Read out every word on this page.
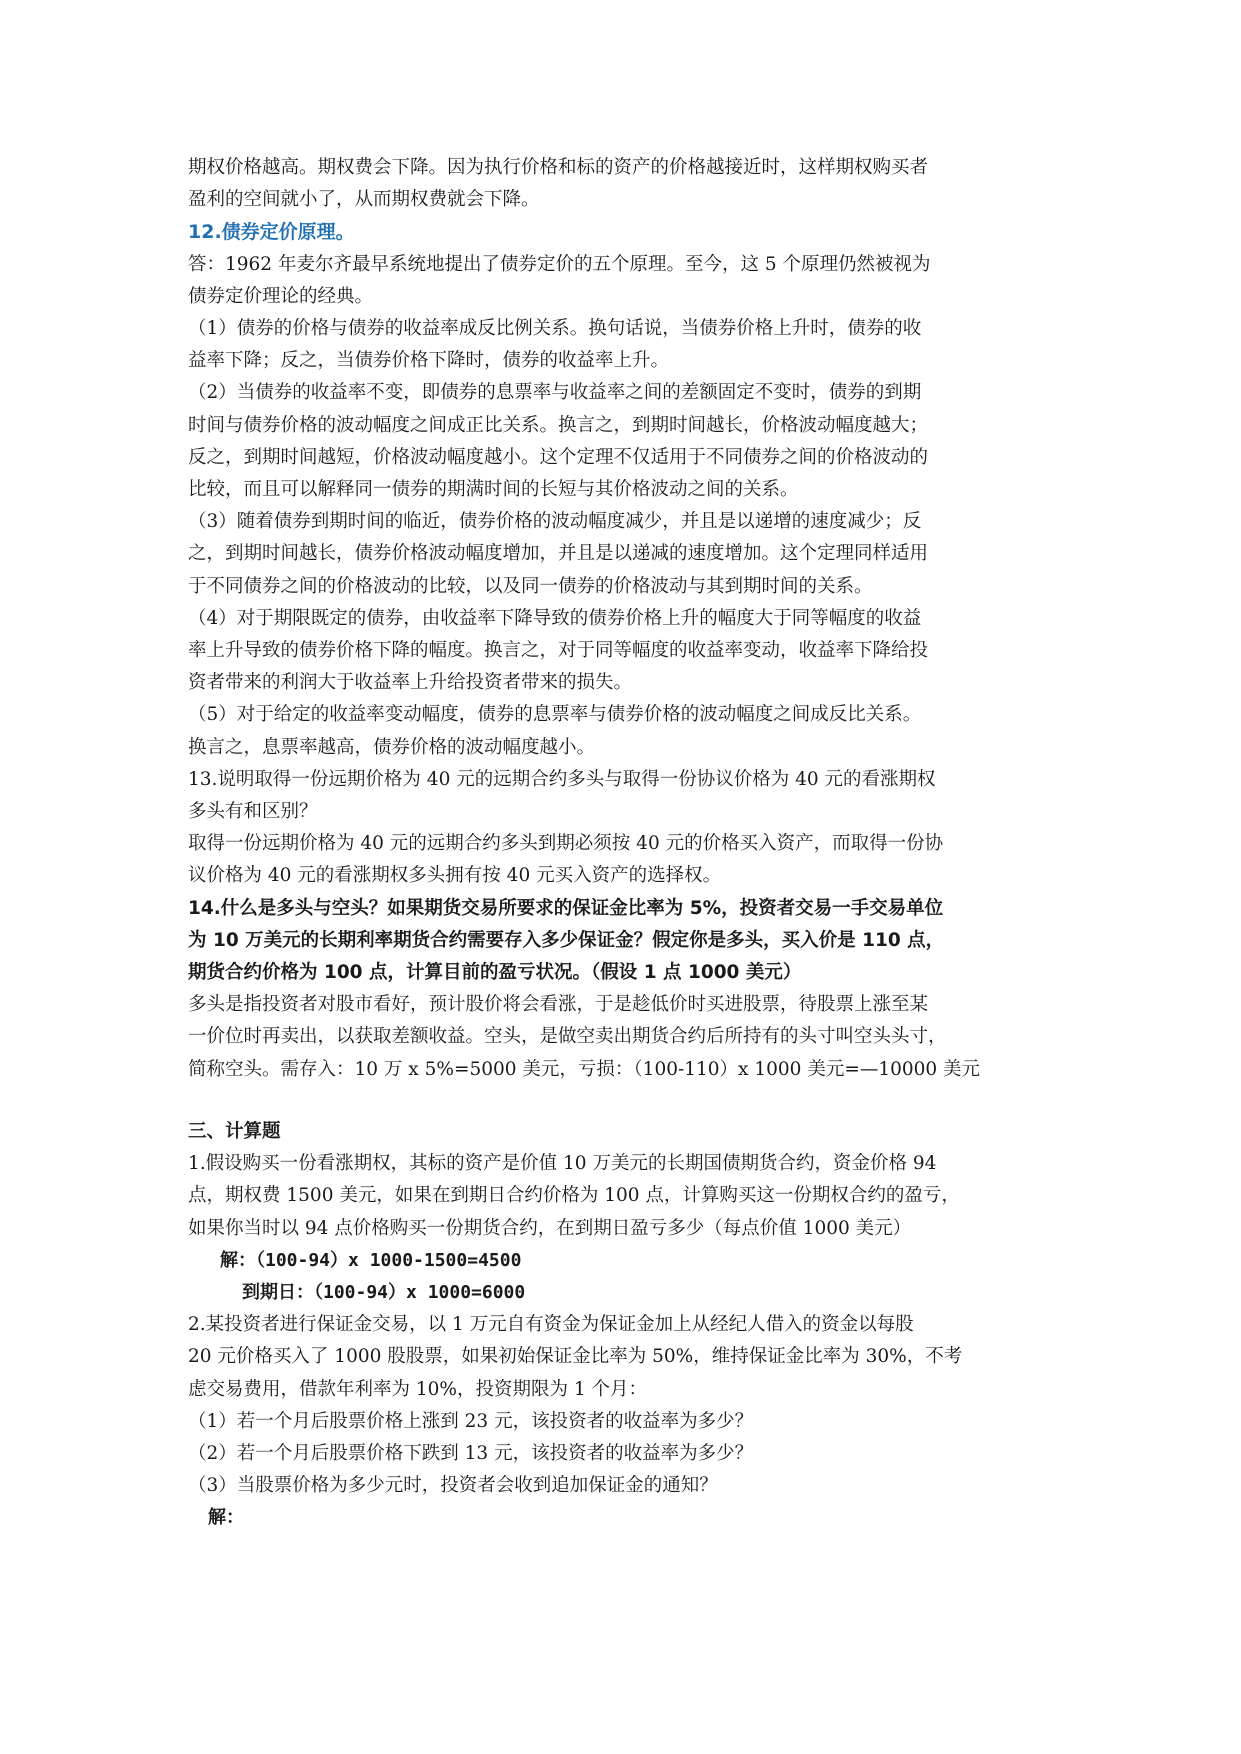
期权价格越高。期权费会下降。因为执行价格和标的资产的价格越接近时，这样期权购买者

盈利的空间就小了，从而期权费就会下降。

12.债券定价原理。

答：1962 年麦尔齐最早系统地提出了债券定价的五个原理。至今，这 5 个原理仍然被视为

债券定价理论的经典。

（1）债券的价格与债券的收益率成反比例关系。换句话说，当债券价格上升时，债券的收

益率下降；反之，当债券价格下降时，债券的收益率上升。

（2）当债券的收益率不变，即债券的息票率与收益率之间的差额固定不变时，债券的到期

时间与债券价格的波动幅度之间成正比关系。换言之，到期时间越长，价格波动幅度越大；

反之，到期时间越短，价格波动幅度越小。这个定理不仅适用于不同债券之间的价格波动的

比较，而且可以解释同一债券的期满时间的长短与其价格波动之间的关系。

（3）随着债券到期时间的临近，债券价格的波动幅度减少，并且是以递增的速度减少；反

之，到期时间越长，债券价格波动幅度增加，并且是以递减的速度增加。这个定理同样适用

于不同债券之间的价格波动的比较，以及同一债券的价格波动与其到期时间的关系。

（4）对于期限既定的债券，由收益率下降导致的债券价格上升的幅度大于同等幅度的收益

率上升导致的债券价格下降的幅度。换言之，对于同等幅度的收益率变动，收益率下降给投

资者带来的利润大于收益率上升给投资者带来的损失。

（5）对于给定的收益率变动幅度，债券的息票率与债券价格的波动幅度之间成反比关系。

换言之，息票率越高，债券价格的波动幅度越小。

13.说明取得一份远期价格为 40 元的远期合约多头与取得一份协议价格为 40 元的看涨期权

多头有和区别？

取得一份远期价格为 40 元的远期合约多头到期必须按 40 元的价格买入资产，而取得一份协

议价格为 40 元的看涨期权多头拥有按 40 元买入资产的选择权。

14.什么是多头与空头？如果期货交易所要求的保证金比率为 5%，投资者交易一手交易单位

为 10 万美元的长期利率期货合约需要存入多少保证金？假定你是多头，买入价是 110 点，

期货合约价格为 100 点，计算目前的盈亏状况。（假设 1 点 1000 美元）

多头是指投资者对股市看好，预计股价将会看涨，于是趁低价时买进股票，待股票上涨至某

一价位时再卖出，以获取差额收益。空头，是做空卖出期货合约后所持有的头寸叫空头头寸，

简称空头。需存入：10 万 x 5%=5000 美元，亏损：（100-110）x 1000 美元=—10000 美元

三、计算题

1.假设购买一份看涨期权，其标的资产是价值 10 万美元的长期国债期货合约，资金价格 94

点，期权费 1500 美元，如果在到期日合约价格为 100 点，计算购买这一份期权合约的盈亏，

如果你当时以 94 点价格购买一份期货合约，在到期日盈亏多少（每点价值 1000 美元）

解：（100-94）x 1000-1500=4500

到期日：（100-94）x 1000=6000

2.某投资者进行保证金交易，以 1 万元自有资金为保证金加上从经纪人借入的资金以每股

20 元价格买入了 1000 股股票，如果初始保证金比率为 50%，维持保证金比率为 30%，不考

虑交易费用，借款年利率为 10%，投资期限为 1 个月：

（1）若一个月后股票价格上涨到 23 元，该投资者的收益率为多少？

（2）若一个月后股票价格下跌到 13 元，该投资者的收益率为多少？

（3）当股票价格为多少元时，投资者会收到追加保证金的通知？

解：
